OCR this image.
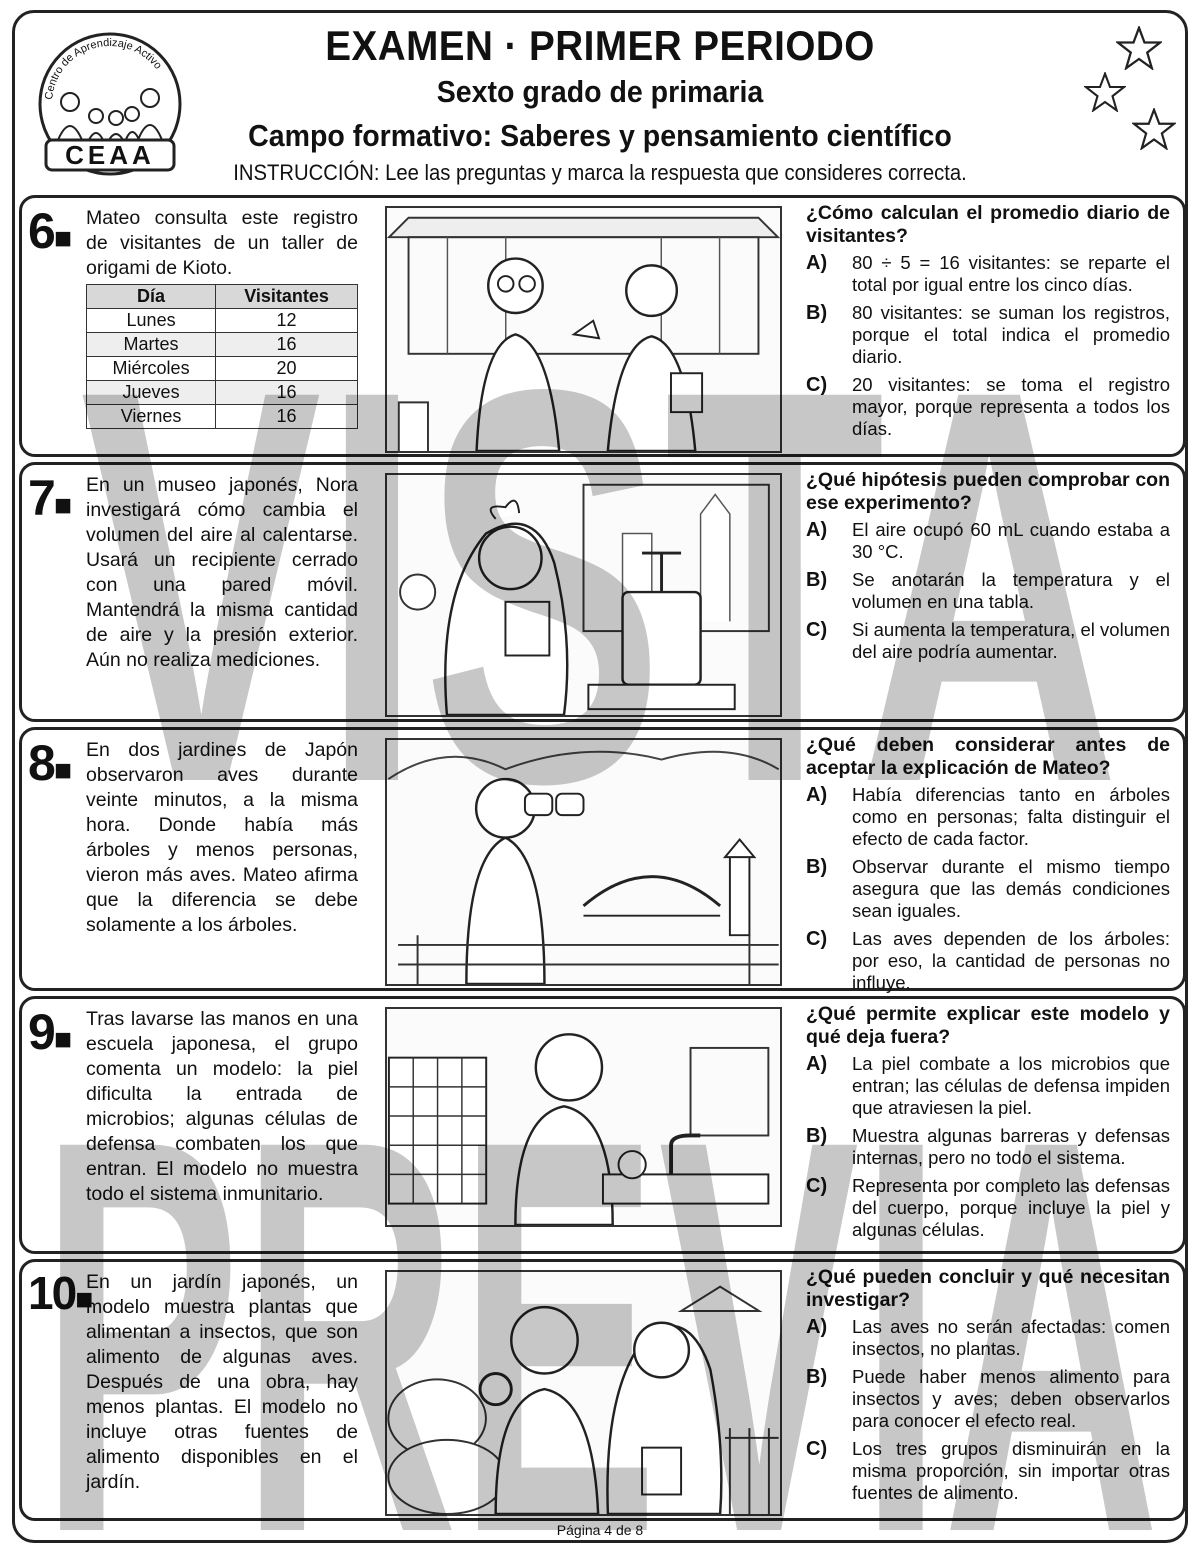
Centro de Aprendizaje Activo
CEAA
EXAMEN · PRIMER PERIODO
Sexto grado de primaria
Campo formativo: Saberes y pensamiento científico
INSTRUCCIÓN: Lee las preguntas y marca la respuesta que consideres correcta.
6■
Mateo consulta este registro de visitantes de un taller de origami de Kioto.
Día	Visitantes
Lunes	12
Martes	16
Miércoles	20
Jueves	16
Viernes	16
¿Cómo calculan el promedio diario de visitantes?
A) 80 ÷ 5 = 16 visitantes: se reparte el total por igual entre los cinco días.
B) 80 visitantes: se suman los registros, porque el total indica el promedio diario.
C) 20 visitantes: se toma el registro mayor, porque representa a todos los días.
7■
En un museo japonés, Nora investigará cómo cambia el volumen del aire al calentarse. Usará un recipiente cerrado con una pared móvil. Mantendrá la misma cantidad de aire y la presión exterior. Aún no realiza mediciones.
¿Qué hipótesis pueden comprobar con ese experimento?
A) El aire ocupó 60 mL cuando estaba a 30 °C.
B) Se anotarán la temperatura y el volumen en una tabla.
C) Si aumenta la temperatura, el volumen del aire podría aumentar.
8■
En dos jardines de Japón observaron aves durante veinte minutos, a la misma hora. Donde había más árboles y menos personas, vieron más aves. Mateo afirma que la diferencia se debe solamente a los árboles.
¿Qué deben considerar antes de aceptar la explicación de Mateo?
A) Había diferencias tanto en árboles como en personas; falta distinguir el efecto de cada factor.
B) Observar durante el mismo tiempo asegura que las demás condiciones sean iguales.
C) Las aves dependen de los árboles: por eso, la cantidad de personas no influye.
9■
Tras lavarse las manos en una escuela japonesa, el grupo comenta un modelo: la piel dificulta la entrada de microbios; algunas células de defensa combaten los que entran. El modelo no muestra todo el sistema inmunitario.
¿Qué permite explicar este modelo y qué deja fuera?
A) La piel combate a los microbios que entran; las células de defensa impiden que atraviesen la piel.
B) Muestra algunas barreras y defensas internas, pero no todo el sistema.
C) Representa por completo las defensas del cuerpo, porque incluye la piel y algunas células.
10■
En un jardín japonés, un modelo muestra plantas que alimentan a insectos, que son alimento de algunas aves. Después de una obra, hay menos plantas. El modelo no incluye otras fuentes de alimento disponibles en el jardín.
¿Qué pueden concluir y qué necesitan investigar?
A) Las aves no serán afectadas: comen insectos, no plantas.
B) Puede haber menos alimento para insectos y aves; deben observarlos para conocer el efecto real.
C) Los tres grupos disminuirán en la misma proporción, sin importar otras fuentes de alimento.
VISTA
PREVIA
Página 4 de 8
